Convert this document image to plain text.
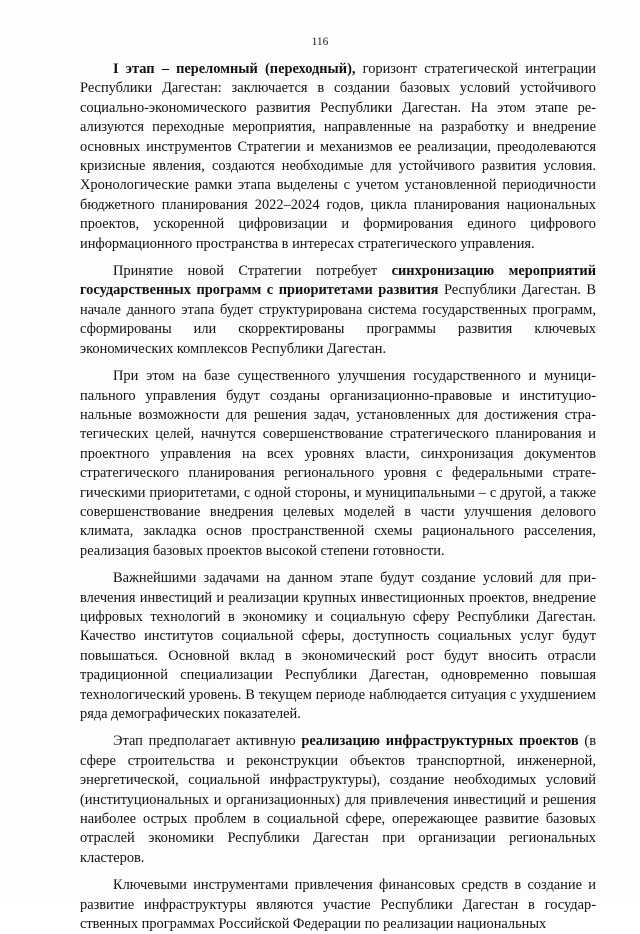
116

I этап – переломный (переходный), горизонт стратегической интеграции Республики Дагестан: заключается в создании базовых условий устойчивого социально-экономического развития Республики Дагестан. На этом этапе реализуются переходные мероприятия, направленные на разработку и внедрение основных инструментов Стратегии и механизмов ее реализации, преодолеваются кризисные явления, создаются необходимые для устойчивого развития условия. Хронологические рамки этапа выделены с учетом установленной периодичности бюджетного планирования 2022–2024 годов, цикла планирования национальных проектов, ускоренной цифровизации и формирования единого цифрового информационного пространства в интересах стратегического управления.

Принятие новой Стратегии потребует синхронизацию мероприятий государственных программ с приоритетами развития Республики Дагестан. В начале данного этапа будет структурирована система государственных программ, сформированы или скорректированы программы развития ключевых экономических комплексов Республики Дагестан.

При этом на базе существенного улучшения государственного и муниципального управления будут созданы организационно-правовые и институциональные возможности для решения задач, установленных для достижения стратегических целей, начнутся совершенствование стратегического планирования и проектного управления на всех уровнях власти, синхронизация документов стратегического планирования регионального уровня с федеральными стратегическими приоритетами, с одной стороны, и муниципальными – с другой, а также совершенствование внедрения целевых моделей в части улучшения делового климата, закладка основ пространственной схемы рационального расселения, реализация базовых проектов высокой степени готовности.

Важнейшими задачами на данном этапе будут создание условий для привлечения инвестиций и реализации крупных инвестиционных проектов, внедрение цифровых технологий в экономику и социальную сферу Республики Дагестан. Качество институтов социальной сферы, доступность социальных услуг будут повышаться. Основной вклад в экономический рост будут вносить отрасли традиционной специализации Республики Дагестан, одновременно повышая технологический уровень. В текущем периоде наблюдается ситуация с ухудшением ряда демографических показателей.

Этап предполагает активную реализацию инфраструктурных проектов (в сфере строительства и реконструкции объектов транспортной, инженерной, энергетической, социальной инфраструктуры), создание необходимых условий (институциональных и организационных) для привлечения инвестиций и решения наиболее острых проблем в социальной сфере, опережающее развитие базовых отраслей экономики Республики Дагестан при организации региональных кластеров.

Ключевыми инструментами привлечения финансовых средств в создание и развитие инфраструктуры являются участие Республики Дагестан в государственных программах Российской Федерации по реализации национальных
